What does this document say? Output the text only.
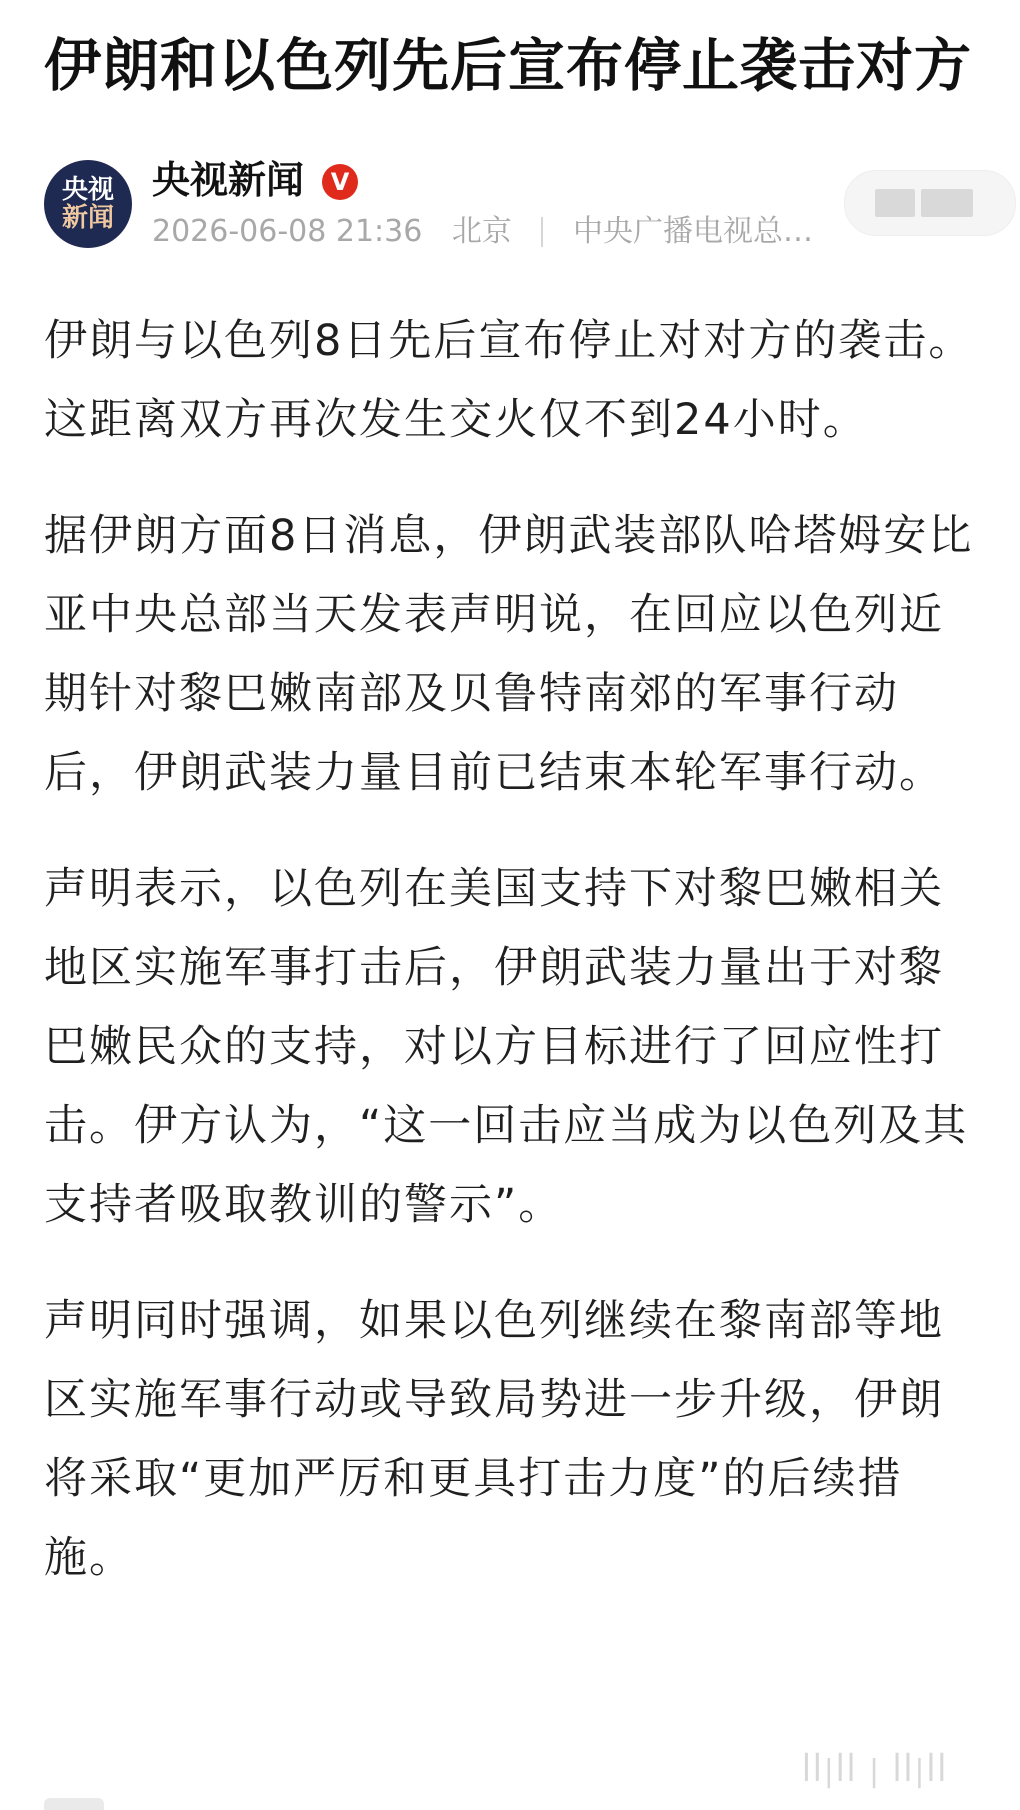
伊朗和以色列先后宣布停止袭击对方
央视
新闻
央视新闻	V
2026-06-08 21:36 北京 中央广播电视总…

伊朗与以色列8日先后宣布停止对对方的袭击。这距离双方再次发生交火仅不到24小时。

据伊朗方面8日消息，伊朗武装部队哈塔姆安比亚中央总部当天发表声明说，在回应以色列近期针对黎巴嫩南部及贝鲁特南郊的军事行动后，伊朗武装力量目前已结束本轮军事行动。

声明表示，以色列在美国支持下对黎巴嫩相关地区实施军事打击后，伊朗武装力量出于对黎巴嫩民众的支持，对以方目标进行了回应性打击。伊方认为，“这一回击应当成为以色列及其支持者吸取教训的警示”。

声明同时强调，如果以色列继续在黎南部等地区实施军事行动或导致局势进一步升级，伊朗将采取“更加严厉和更具打击力度”的后续措施。

ꟾꟾ|ꟾꟾ | ꟾꟾ|ꟾꟾ
